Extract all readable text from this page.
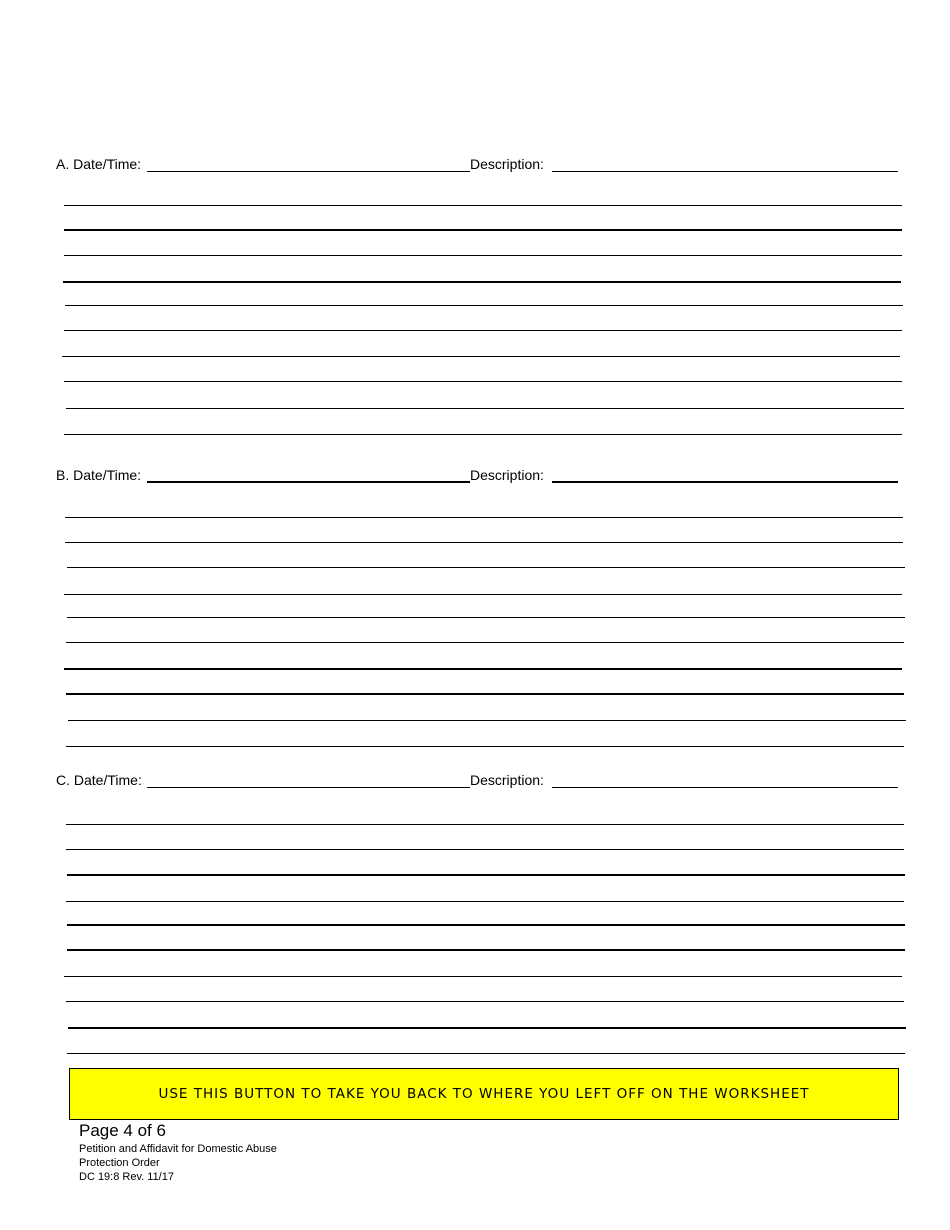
A. Date/Time:	Description:
B. Date/Time:	Description:
C. Date/Time:	Description:
USE THIS BUTTON TO TAKE YOU BACK TO WHERE YOU LEFT OFF ON THE WORKSHEET
Page 4 of 6
Petition and Affidavit for Domestic Abuse
Protection Order
DC 19:8 Rev. 11/17
